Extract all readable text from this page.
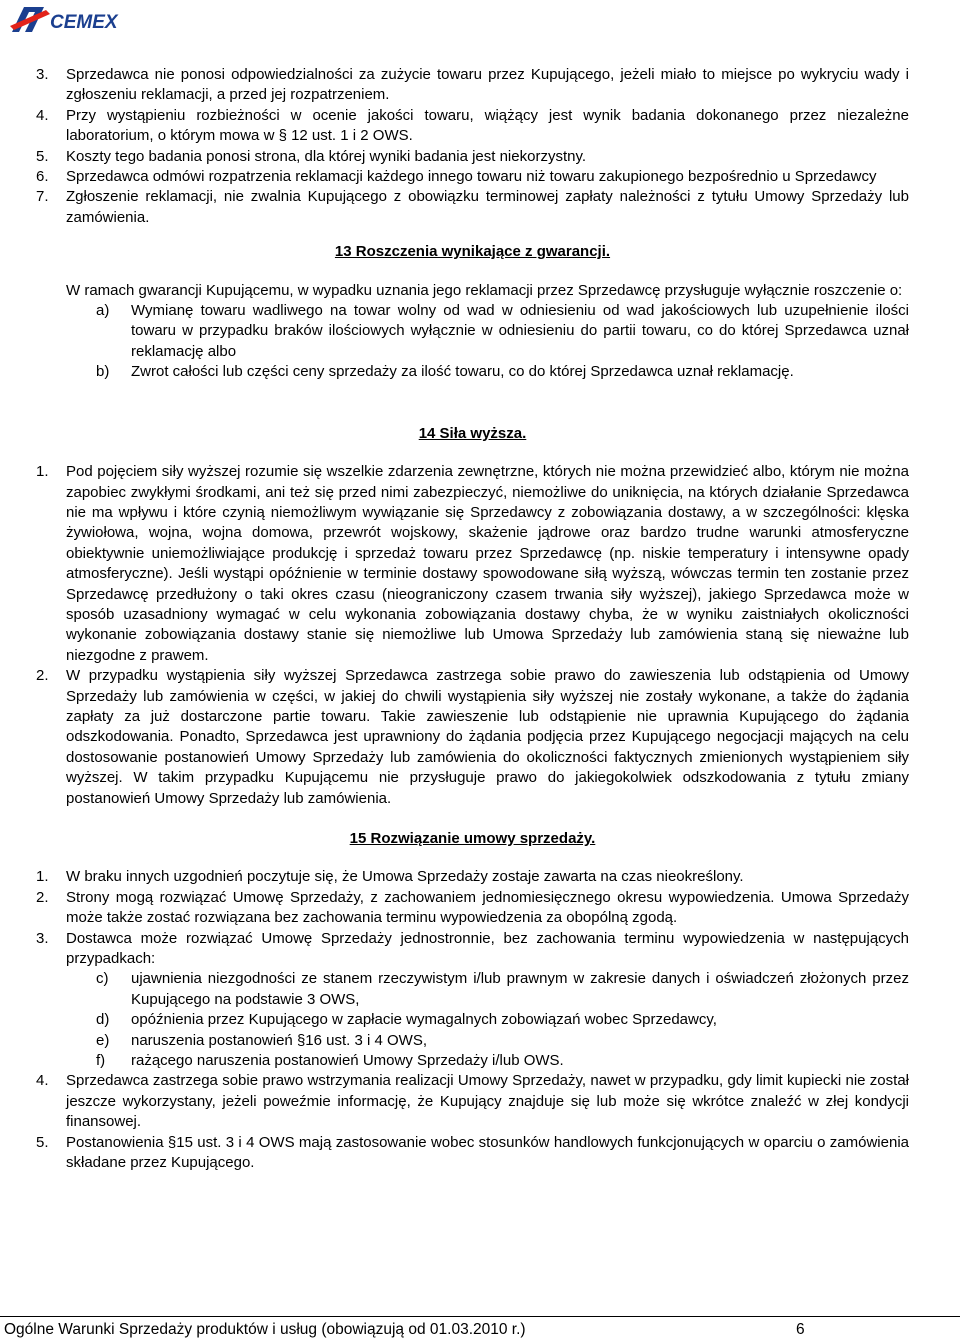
CEMEX
3. Sprzedawca nie ponosi odpowiedzialności za zużycie towaru przez Kupującego, jeżeli miało to miejsce po wykryciu wady i zgłoszeniu reklamacji, a przed jej rozpatrzeniem.
4. Przy wystąpieniu rozbieżności w ocenie jakości towaru, wiążący jest wynik badania dokonanego przez niezależne laboratorium, o którym mowa w § 12 ust. 1 i 2 OWS.
5. Koszty tego badania ponosi strona, dla której wyniki badania jest niekorzystny.
6. Sprzedawca odmówi rozpatrzenia reklamacji każdego innego towaru niż towaru zakupionego bezpośrednio u Sprzedawcy
7. Zgłoszenie reklamacji, nie zwalnia Kupującego z obowiązku terminowej zapłaty należności z tytułu Umowy Sprzedaży lub zamówienia.
13 Roszczenia wynikające z gwarancji.
W ramach gwarancji Kupującemu, w wypadku uznania jego reklamacji przez Sprzedawcę przysługuje wyłącznie roszczenie o:
a) Wymianę towaru wadliwego na towar wolny od wad w odniesieniu od wad jakościowych lub uzupełnienie ilości towaru w przypadku braków ilościowych wyłącznie w odniesieniu do partii towaru, co do której Sprzedawca uznał reklamację albo
b) Zwrot całości lub części ceny sprzedaży za ilość towaru, co do której Sprzedawca uznał reklamację.
14 Siła wyższa.
1. Pod pojęciem siły wyższej rozumie się wszelkie zdarzenia zewnętrzne, których nie można przewidzieć albo, którym nie można zapobiec zwykłymi środkami, ani też się przed nimi zabezpieczyć, niemożliwe do uniknięcia, na których działanie Sprzedawca nie ma wpływu i które czynią niemożliwym wywiązanie się Sprzedawcy z zobowiązania dostawy, a w szczególności: klęska żywiołowa, wojna, wojna domowa, przewrót wojskowy, skażenie jądrowe oraz bardzo trudne warunki atmosferyczne obiektywnie uniemożliwiające produkcję i sprzedaż towaru przez Sprzedawcę (np. niskie temperatury i intensywne opady atmosferyczne). Jeśli wystąpi opóźnienie w terminie dostawy spowodowane siłą wyższą, wówczas termin ten zostanie przez Sprzedawcę przedłużony o taki okres czasu (nieograniczony czasem trwania siły wyższej), jakiego Sprzedawca może w sposób uzasadniony wymagać w celu wykonania zobowiązania dostawy chyba, że w wyniku zaistniałych okoliczności wykonanie zobowiązania dostawy stanie się niemożliwe lub Umowa Sprzedaży lub zamówienia staną się nieważne lub niezgodne z prawem.
2. W przypadku wystąpienia siły wyższej Sprzedawca zastrzega sobie prawo do zawieszenia lub odstąpienia od Umowy Sprzedaży lub zamówienia w części, w jakiej do chwili wystąpienia siły wyższej nie zostały wykonane, a także do żądania zapłaty za już dostarczone partie towaru. Takie zawieszenie lub odstąpienie nie uprawnia Kupującego do żądania odszkodowania. Ponadto, Sprzedawca jest uprawniony do żądania podjęcia przez Kupującego negocjacji mających na celu dostosowanie postanowień Umowy Sprzedaży lub zamówienia do okoliczności faktycznych zmienionych wystąpieniem siły wyższej. W takim przypadku Kupującemu nie przysługuje prawo do jakiegokolwiek odszkodowania z tytułu zmiany postanowień Umowy Sprzedaży lub zamówienia.
15 Rozwiązanie umowy sprzedaży.
1. W braku innych uzgodnień poczytuje się, że Umowa Sprzedaży zostaje zawarta na czas nieokreślony.
2. Strony mogą rozwiązać Umowę Sprzedaży, z zachowaniem jednomiesięcznego okresu wypowiedzenia. Umowa Sprzedaży może także zostać rozwiązana bez zachowania terminu wypowiedzenia za obopólną zgodą.
3. Dostawca może rozwiązać Umowę Sprzedaży jednostronnie, bez zachowania terminu wypowiedzenia w następujących przypadkach:
c) ujawnienia niezgodności ze stanem rzeczywistym i/lub prawnym w zakresie danych i oświadczeń złożonych przez Kupującego na podstawie 3 OWS,
d) opóźnienia przez Kupującego w zapłacie wymagalnych zobowiązań wobec Sprzedawcy,
e) naruszenia postanowień §16 ust. 3 i 4 OWS,
f) rażącego naruszenia postanowień Umowy Sprzedaży i/lub OWS.
4. Sprzedawca zastrzega sobie prawo wstrzymania realizacji Umowy Sprzedaży, nawet w przypadku, gdy limit kupiecki nie został jeszcze wykorzystany, jeżeli poweźmie informację, że Kupujący znajduje się lub może się wkrótce znaleźć w złej kondycji finansowej.
5. Postanowienia §15 ust. 3 i 4 OWS mają zastosowanie wobec stosunków handlowych funkcjonujących w oparciu o zamówienia składane przez Kupującego.
Ogólne Warunki Sprzedaży produktów i usług (obowiązują od 01.03.2010 r.)	6
